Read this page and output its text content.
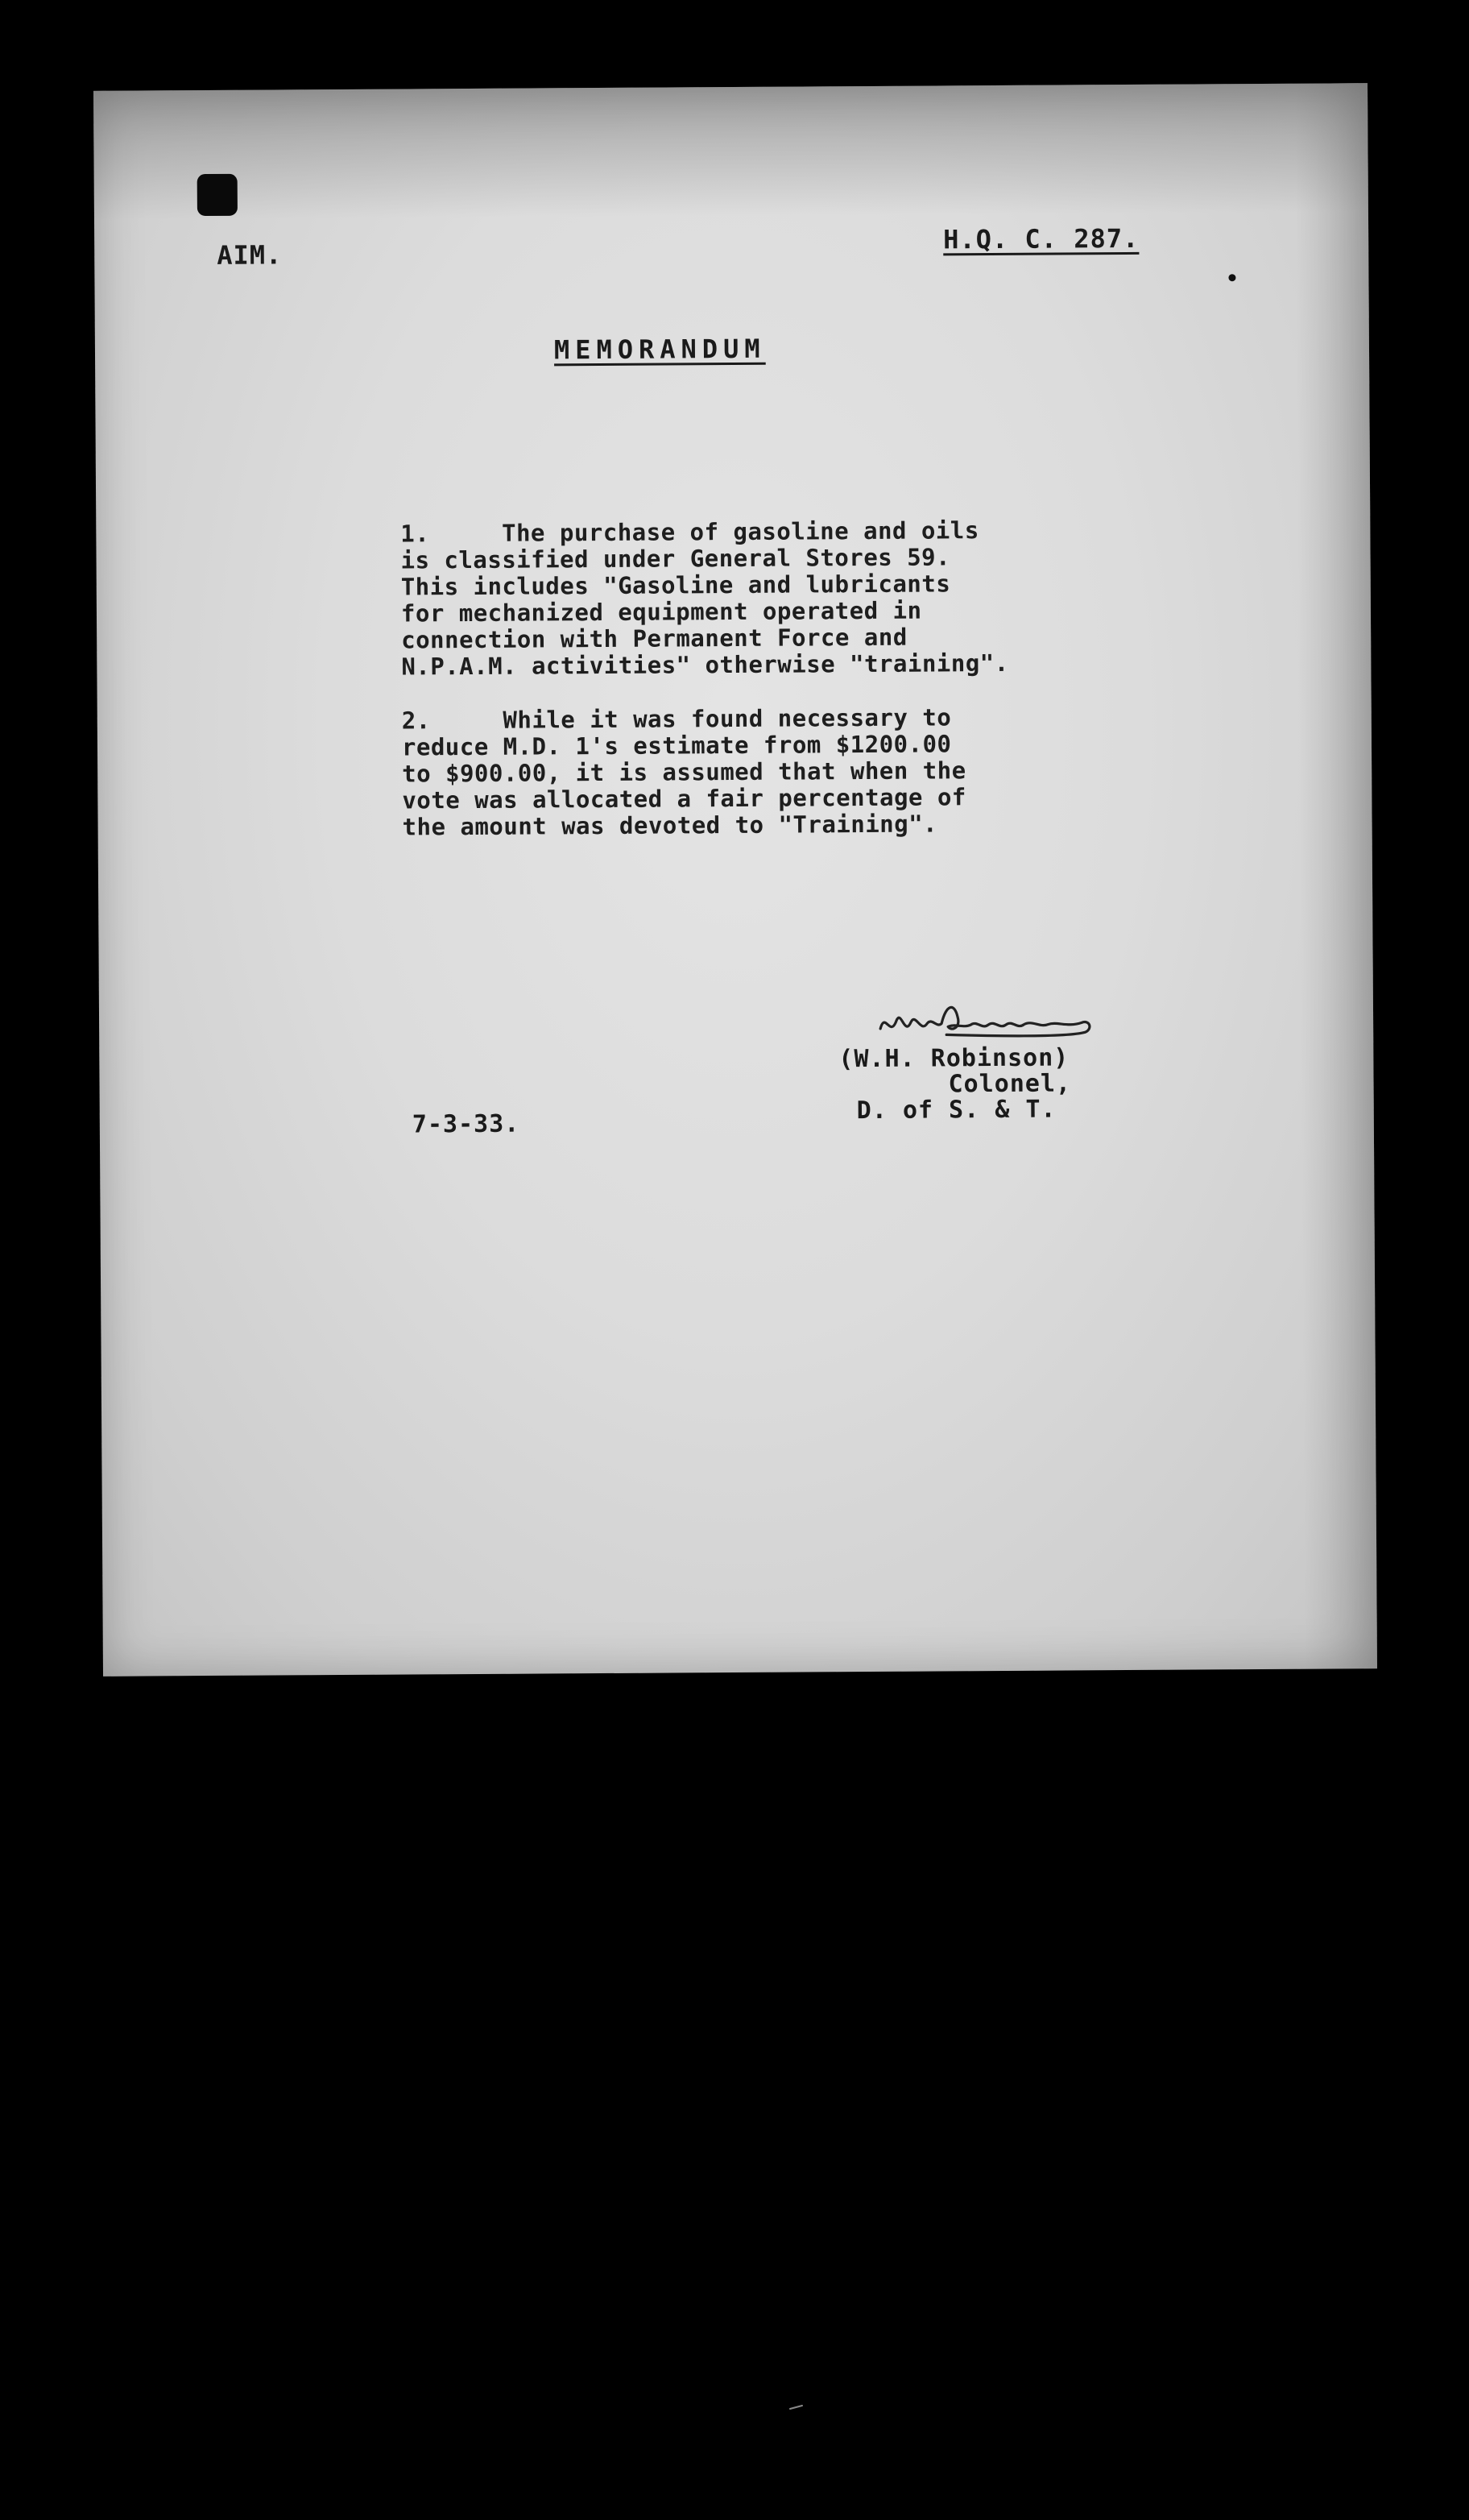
AIM.
H.Q. C. 287.
MEMORANDUM
1.     The purchase of gasoline and oils
is classified under General Stores 59.
This includes "Gasoline and lubricants
for mechanized equipment operated in
connection with Permanent Force and
N.P.A.M. activities" otherwise "training".
2.     While it was found necessary to
reduce M.D. 1's estimate from $1200.00
to $900.00, it is assumed that when the
vote was allocated a fair percentage of
the amount was devoted to "Training".
(W.H. Robinson)
Colonel,
7-3-33.	D. of S. & T.
